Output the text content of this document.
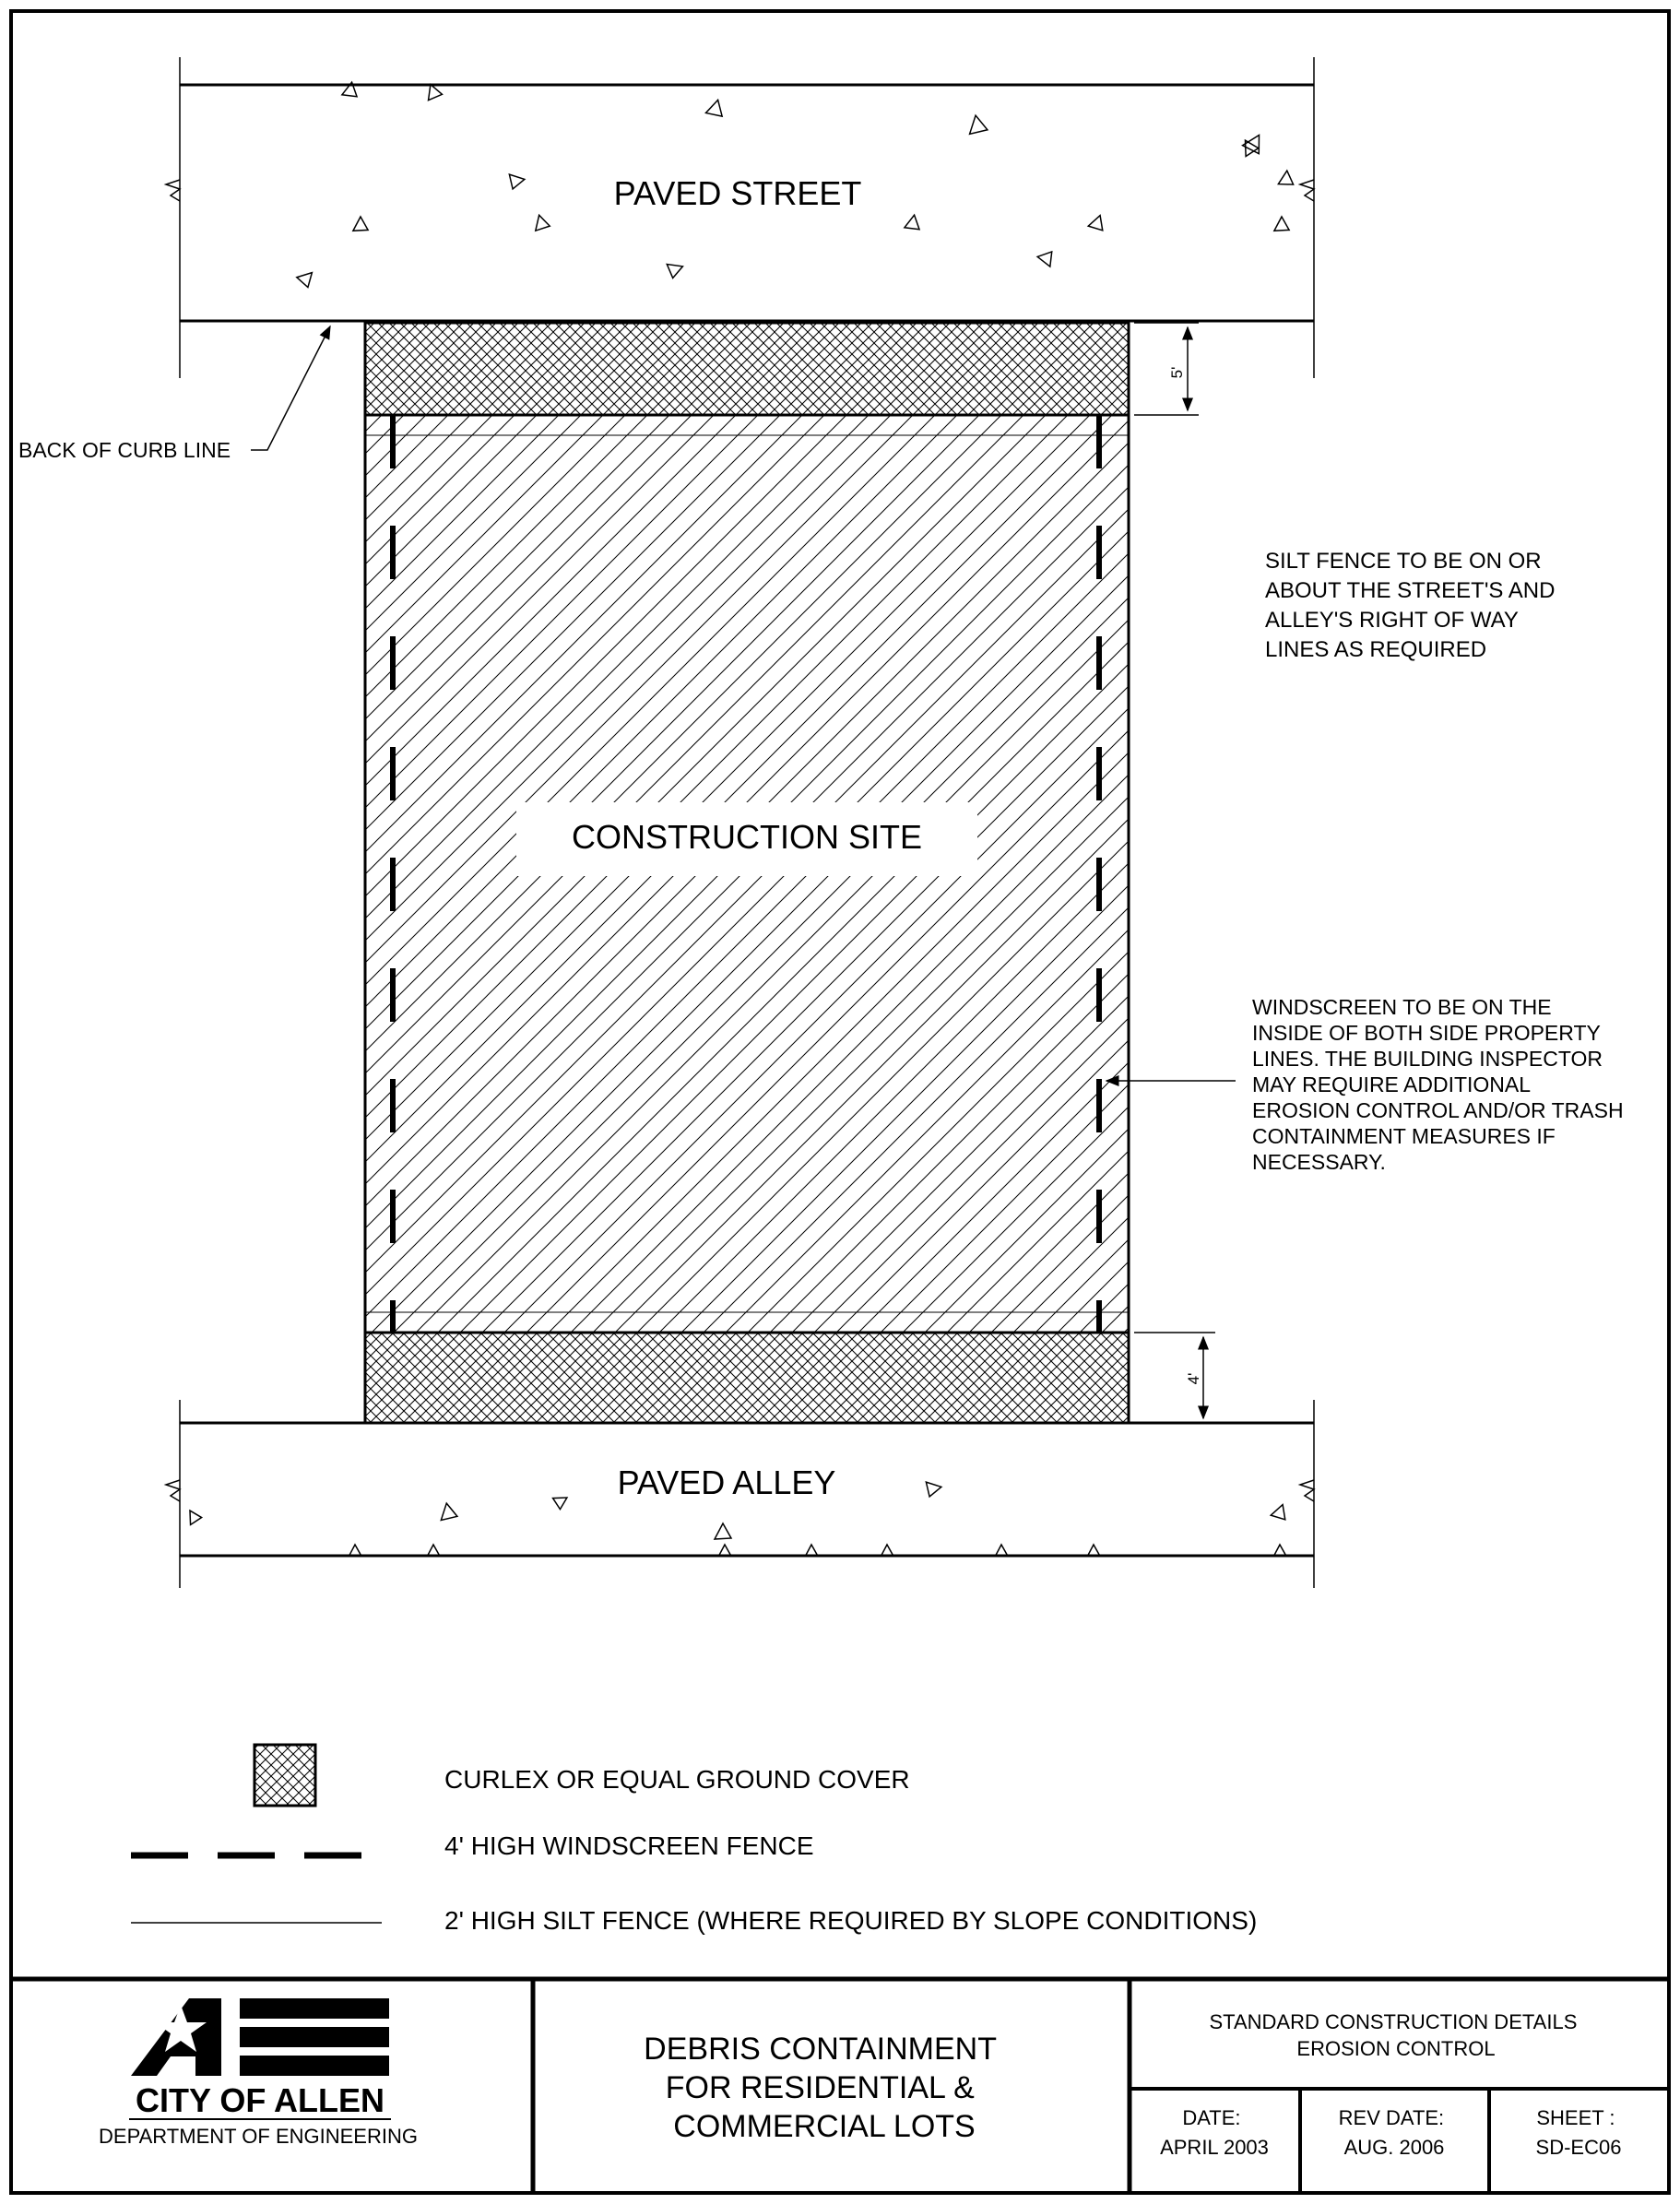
PAVED STREET
PAVED ALLEY
CONSTRUCTION SITE
5'
4'
BACK OF CURB LINE
SILT FENCE TO BE ON OR ABOUT THE STREET'S AND ALLEY'S RIGHT OF WAY LINES AS REQUIRED
WINDSCREEN TO BE ON THE INSIDE OF BOTH SIDE PROPERTY LINES. THE BUILDING INSPECTOR MAY REQUIRE ADDITIONAL EROSION CONTROL AND/OR TRASH CONTAINMENT MEASURES IF NECESSARY.
CURLEX OR EQUAL GROUND COVER
4' HIGH WINDSCREEN FENCE
2' HIGH SILT FENCE (WHERE REQUIRED BY SLOPE CONDITIONS)
CITY OF ALLEN
DEPARTMENT OF ENGINEERING
DEBRIS CONTAINMENT FOR RESIDENTIAL & COMMERCIAL LOTS
STANDARD CONSTRUCTION DETAILS EROSION CONTROL
DATE: APRIL 2003
REV DATE: AUG. 2006
SHEET : SD-EC06
